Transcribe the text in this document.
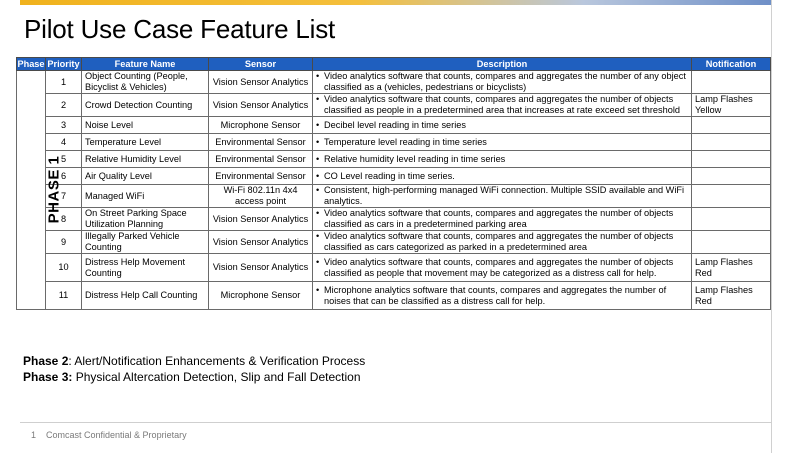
Pilot Use Case Feature List
Phase	Priority	Feature Name	Sensor	Description	Notification
PHASE 1	1	Object Counting (People, Bicyclist & Vehicles)	Vision Sensor Analytics	• Video analytics software that counts, compares and aggregates the number of any object classified as a (vehicles, pedestrians or bicyclists)	

	2	Crowd Detection Counting	Vision Sensor Analytics	• Video analytics software that counts, compares and aggregates the number of objects classified as people in a predetermined area that increases at rate exceed set threshold	Lamp Flashes Yellow
	3	Noise Level	Microphone Sensor	• Decibel level reading in time series	

	4	Temperature Level	Environmental Sensor	• Temperature level reading in time series	

	5	Relative Humidity Level	Environmental Sensor	• Relative humidity level reading in time series	

	6	Air Quality Level	Environmental Sensor	• CO Level reading in time series.	

	7	Managed WiFi	Wi-Fi 802.11n 4x4 access point	• Consistent, high-performing managed WiFi connection. Multiple SSID available and WiFi analytics.	

	8	On Street Parking Space Utilization Planning	Vision Sensor Analytics	• Video analytics software that counts, compares and aggregates the number of objects classified as cars in a predetermined parking area	

	9	Illegally Parked Vehicle Counting	Vision Sensor Analytics	• Video analytics software that counts, compares and aggregates the number of objects classified as cars categorized as parked in a predetermined area	

	10	Distress Help Movement Counting	Vision Sensor Analytics	• Video analytics software that counts, compares and aggregates the number of objects classified as people that movement may be categorized as a distress call for help.	Lamp Flashes Red
	11	Distress Help Call Counting	Microphone Sensor	• Microphone analytics software that counts, compares and aggregates the number of noises that can be classified as a distress call for help.	Lamp Flashes Red
Phase 2: Alert/Notification Enhancements & Verification Process
Phase 3: Physical Altercation Detection, Slip and Fall Detection
1 Comcast Confidential & Proprietary
